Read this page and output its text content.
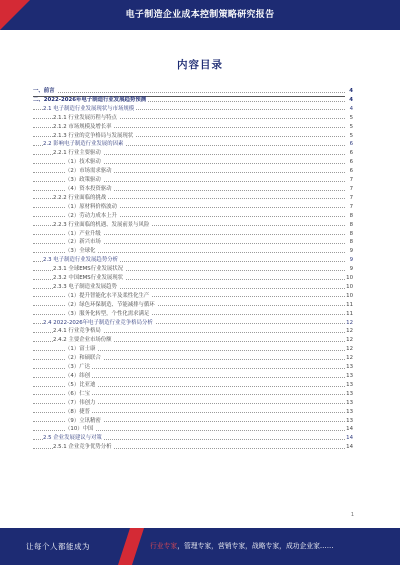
电子制造企业成本控制策略研究报告
内容目录
一、前言	4
二、2022-2026年电子制造行业发展趋势预测	4
2.1 电子制造行业发展现状与市场规模	4
2.1.1 行业发展历程与特点	5
2.1.2 市场规模及增长率	5
2.1.3 行业的竞争格局与发展现状	5
2.2 影响电子制造行业发展的因素	6
2.2.1 行业主要驱动	6
（1）技术驱动	6
（2）市场需求驱动	6
（3）政策驱动	7
（4）资本投资驱动	7
2.2.2 行业面临的挑战	7
（1）原材料价格波动	7
（2）劳动力成本上升	8
2.2.3 行业面临的机遇、发展前景与风险	8
（1）产业升级	8
（2）新兴市场	8
（3）全球化	9
2.3 电子制造行业发展趋势分析	9
2.3.1 全球EMS行业发展状况	9
2.3.2 中国EMS行业发展现状	10
2.3.3 电子制造业发展趋势	10
（1）提升智能化水平及柔性化生产	10
（2）绿色环保制造、节能减排与循环	11
（3）服务化转型，个性化需求满足	11
2.4 2022-2026年电子制造行业竞争格局分析	12
2.4.1 行业竞争格局	12
2.4.2 主要企业市场份额	12
（1）富士康	12
（2）和硕联合	12
（3）广达	13
（4）纬创	13
（5）比亚迪	13
（6）仁宝	13
（7）伟创力	13
（8）捷普	13
（9）立讯精密	13
（10）中国	14
2.5 企业发展建议与对策	14
2.5.1 企业竞争优势分析	14
1
让每个人都能成为	行业专家，管理专家，营销专家，战略专家，成功企业家……
